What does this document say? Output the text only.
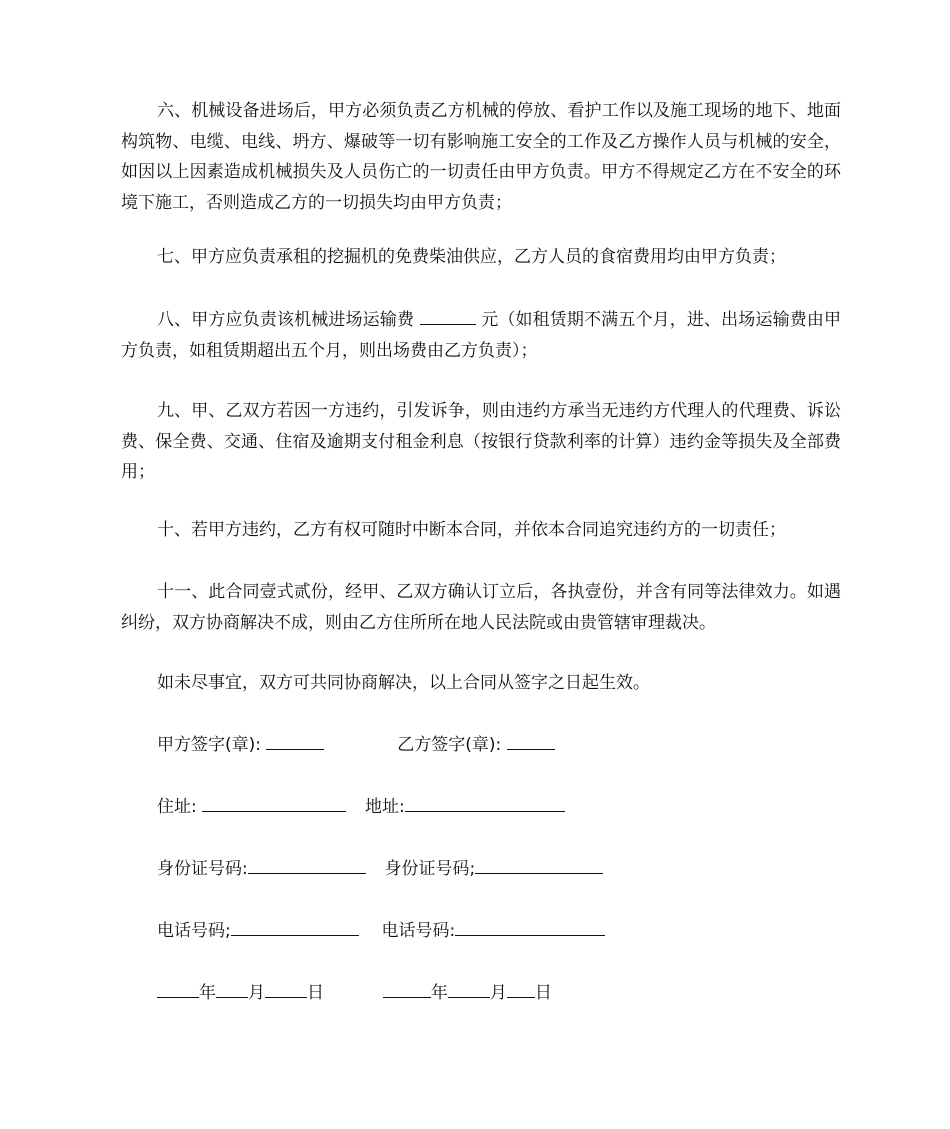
六、机械设备进场后，甲方必须负责乙方机械的停放、看护工作以及施工现场的地下、地面构筑物、电缆、电线、坍方、爆破等一切有影响施工安全的工作及乙方操作人员与机械的安全，如因以上因素造成机械损失及人员伤亡的一切责任由甲方负责。甲方不得规定乙方在不安全的环境下施工，否则造成乙方的一切损失均由甲方负责；

七、甲方应负责承租的挖掘机的免费柴油供应，乙方人员的食宿费用均由甲方负责；

八、甲方应负责该机械进场运输费	元（如租赁期不满五个月，进、出场运输费由甲方负责，如租赁期超出五个月，则出场费由乙方负责）；

九、甲、乙双方若因一方违约，引发诉争，则由违约方承当无违约方代理人的代理费、诉讼费、保全费、交通、住宿及逾期支付租金利息（按银行贷款利率的计算）违约金等损失及全部费用；

十、若甲方违约，乙方有权可随时中断本合同，并依本合同追究违约方的一切责任；

十一、此合同壹式贰份，经甲、乙双方确认订立后，各执壹份，并含有同等法律效力。如遇纠纷，双方协商解决不成，则由乙方住所所在地人民法院或由贵管辖审理裁决。

如未尽事宜，双方可共同协商解决，以上合同从签字之日起生效。

甲方签字(章):	乙方签字(章):
住址:	地址:
身份证号码:	身份证号码;
电话号码;	电话号码:
年 月 日	年 月 日
